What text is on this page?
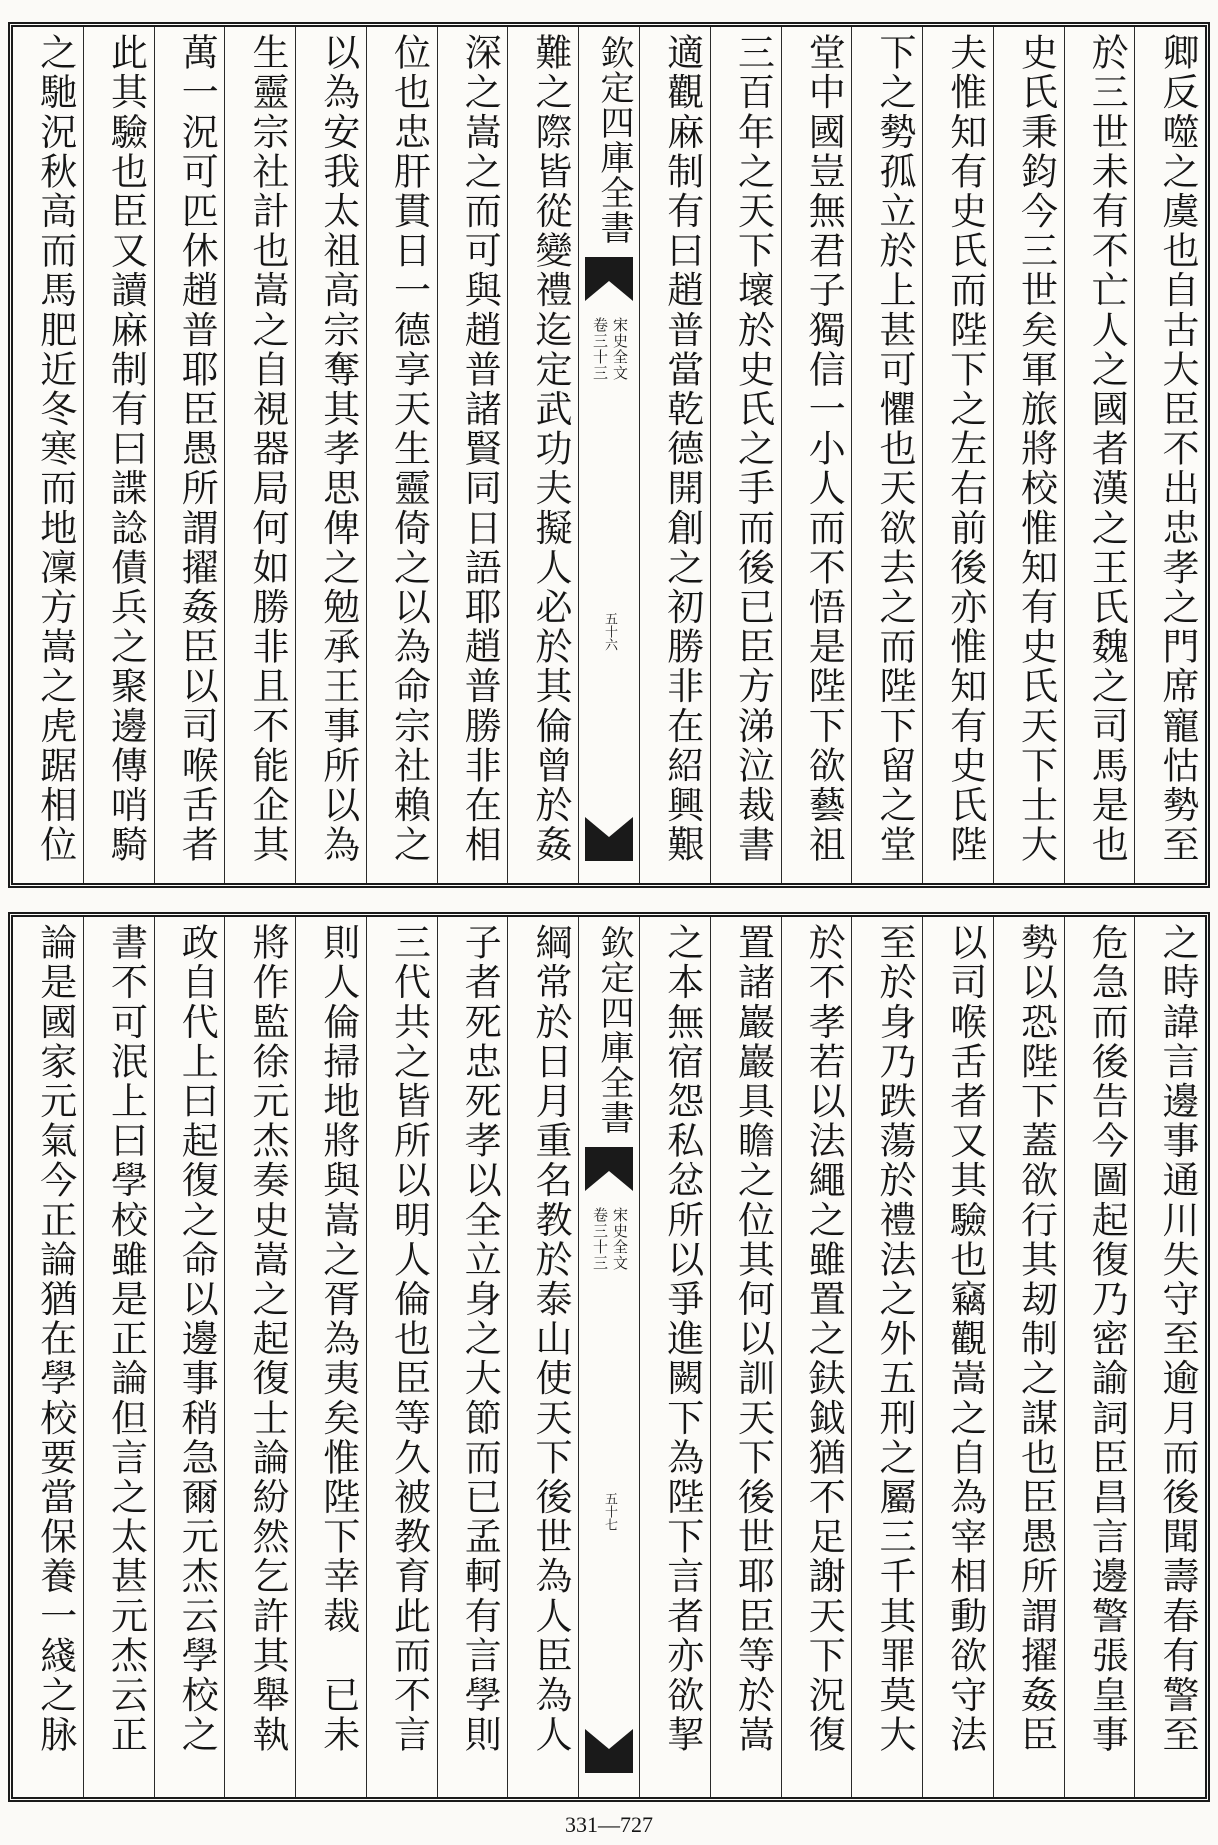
卿反噬之虞也自古大臣不出忠孝之門席寵怙勢至
於三世未有不亡人之國者漢之王氏魏之司馬是也
史氏秉鈞今三世矣軍旅將校惟知有史氏天下士大
夫惟知有史氏而陛下之左右前後亦惟知有史氏陛
下之勢孤立於上甚可懼也天欲去之而陛下留之堂
堂中國豈無君子獨信一小人而不悟是陛下欲藝祖
三百年之天下壞於史氏之手而後已臣方涕泣裁書
適觀麻制有曰趙普當乾德開創之初勝非在紹興艱
欽定四庫全書
宋史全文
卷三十三
五十六
難之際皆從變禮迄定武功夫擬人必於其倫曾於姦
深之嵩之而可與趙普諸賢同日語耶趙普勝非在相
位也忠肝貫日一德享天生靈倚之以為命宗社賴之
以為安我太祖高宗奪其孝思俾之勉承王事所以為
生靈宗社計也嵩之自視器局何如勝非且不能企其
萬一況可匹休趙普耶臣愚所謂擢姦臣以司喉舌者
此其驗也臣又讀麻制有曰諜諗債兵之聚邊傳哨騎
之馳況秋高而馬肥近冬寒而地凜方嵩之虎踞相位
之時諱言邊事通川失守至逾月而後聞壽春有警至
危急而後告今圖起復乃密諭詞臣昌言邊警張皇事
勢以恐陛下蓋欲行其刼制之謀也臣愚所謂擢姦臣
以司喉舌者又其驗也竊觀嵩之自為宰相動欲守法
至於身乃跌蕩於禮法之外五刑之屬三千其罪莫大
於不孝若以法繩之雖置之鈇鉞猶不足謝天下況復
置諸巖巖具瞻之位其何以訓天下後世耶臣等於嵩
之本無宿怨私忿所以爭進闕下為陛下言者亦欲挈
欽定四庫全書
宋史全文
卷三十三
五十七
綱常於日月重名教於泰山使天下後世為人臣為人
子者死忠死孝以全立身之大節而已孟軻有言學則
三代共之皆所以明人倫也臣等久被教育此而不言
則人倫掃地將與嵩之胥為夷矣惟陛下幸裁　已未
將作監徐元杰奏史嵩之起復士論紛然乞許其舉執
政自代上曰起復之命以邊事稍急爾元杰云學校之
書不可泯上曰學校雖是正論但言之太甚元杰云正
論是國家元氣今正論猶在學校要當保養一綫之脉
331—727
